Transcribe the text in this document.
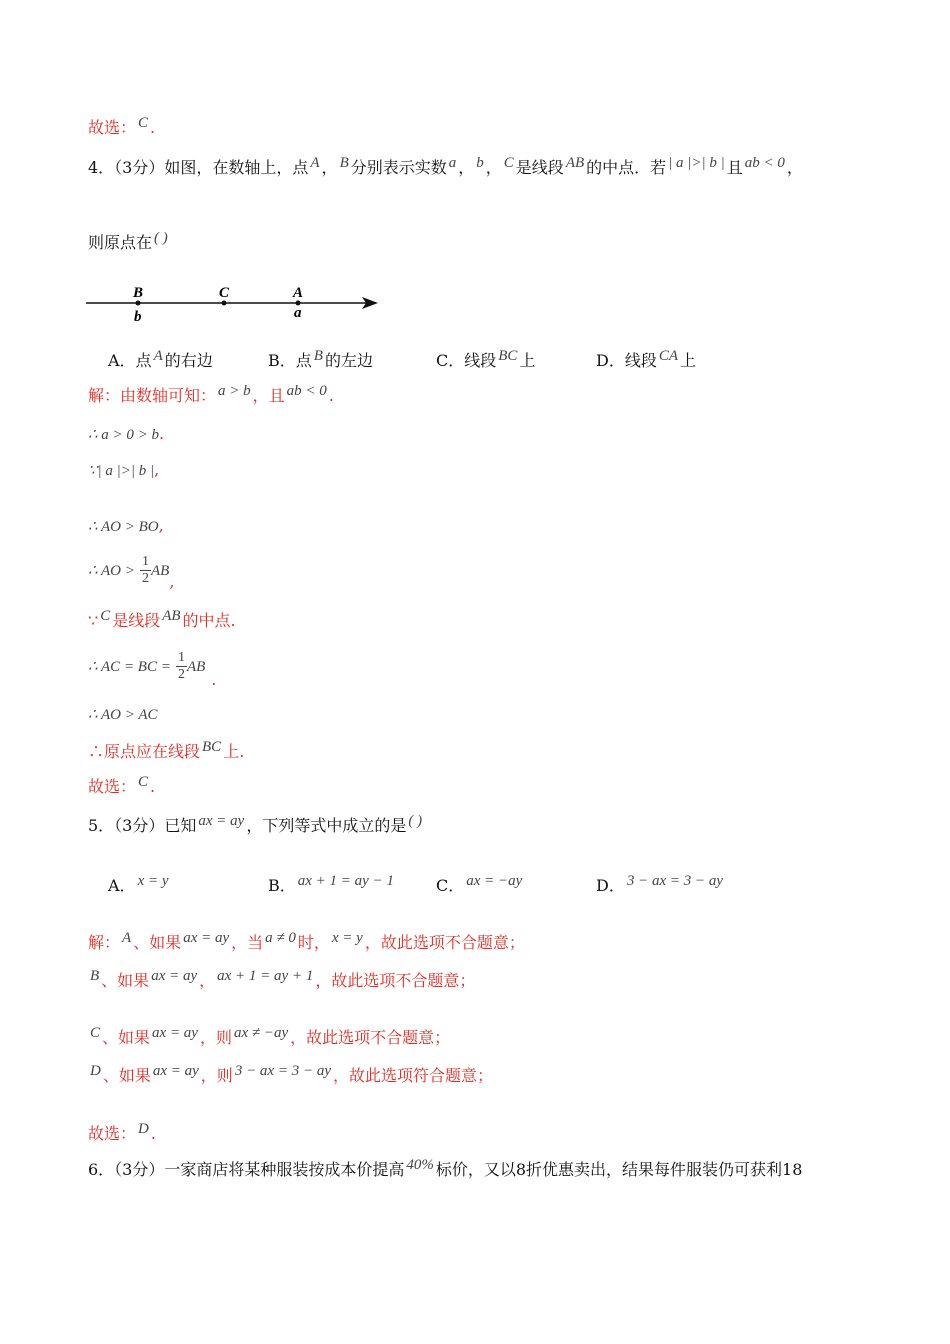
故选： C .
4．（3分）如图，在数轴上，点 A ， B 分别表示实数 a ， b ， C 是线段 AB 的中点．若 | a |>| b | 且 ab < 0 ，
则原点在 ( )
B	C	A
b	a
A．点 A 的右边	B．点 B 的左边	C．线段 BC 上	D．线段 CA 上
解：由数轴可知： a > b ，且 ab < 0 .
∴ a > 0 > b.
∵| a |>| b |,
∴ AO > BO,
∴ AO > $\frac{1}{2}$ AB,
∵ C 是线段 AB 的中点.
∴ AC = BC = $\frac{1}{2}$ AB.
∴ AO > AC
∴原点应在线段 BC 上.
故选： C .
5．（3分）已知 ax = ay ，下列等式中成立的是 ( )
A． x = y	B． ax + 1 = ay − 1	C． ax = −ay	D． 3 − ax = 3 − ay
解： A 、如果 ax = ay ，当 a ≠ 0 时， x = y ，故此选项不合题意；
B 、如果 ax = ay ， ax + 1 = ay + 1 ，故此选项不合题意；
C 、如果 ax = ay ，则 ax ≠ −ay ，故此选项不合题意；
D 、如果 ax = ay ，则 3 − ax = 3 − ay ，故此选项符合题意；
故选： D .
6．（3分）一家商店将某种服装按成本价提高 40% 标价，又以8折优惠卖出，结果每件服装仍可获利18
